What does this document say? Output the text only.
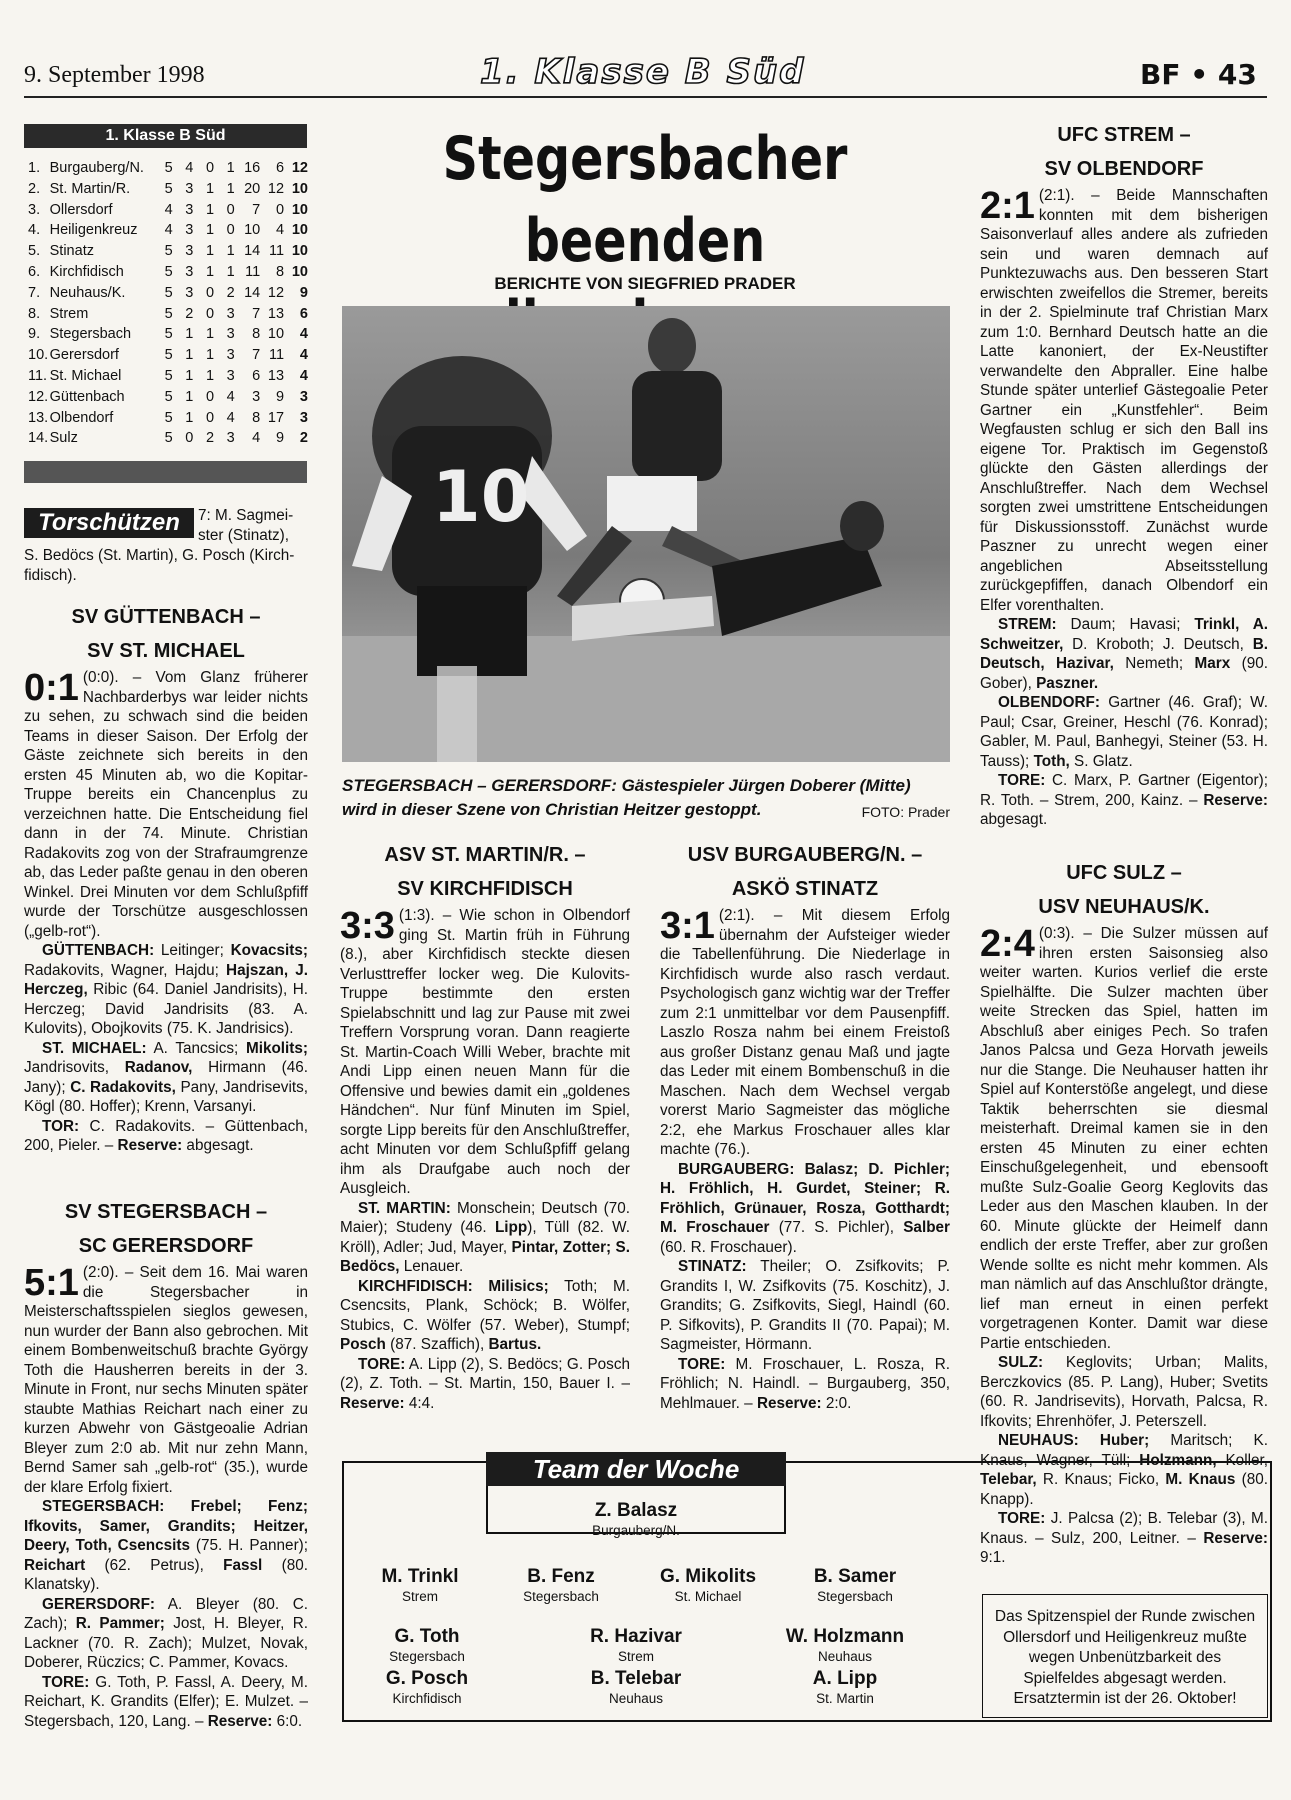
9. September 1998	1. Klasse B Süd	BF • 43
1. Klasse B Süd
1.	Burgauberg/N.	5	4	0	1	16	6	12
2.	St. Martin/R.	5	3	1	1	20	12	10
3.	Ollersdorf	4	3	1	0	7	0	10
4.	Heiligenkreuz	4	3	1	0	10	4	10
5.	Stinatz	5	3	1	1	14	11	10
6.	Kirchfidisch	5	3	1	1	11	8	10
7.	Neuhaus/K.	5	3	0	2	14	12	9
8.	Strem	5	2	0	3	7	13	6
9.	Stegersbach	5	1	1	3	8	10	4
10.	Gerersdorf	5	1	1	3	7	11	4
11.	St. Michael	5	1	1	3	6	13	4
12.	Güttenbach	5	1	0	4	3	9	3
13.	Olbendorf	5	1	0	4	8	17	3
14.	Sulz	5	0	2	3	4	9	2
Torschützen	7: M. Sagmei-
ster (Stinatz),
S. Bedöcs (St. Martin), G. Posch (Kirch-
fidisch).
SV GÜTTENBACH –
SV ST. MICHAEL

0:1 (0:0). – Vom Glanz früherer Nachbarderbys war leider nichts zu sehen, zu schwach sind die beiden Teams in dieser Saison. Der Erfolg der Gäste zeichnete sich bereits in den ersten 45 Minuten ab, wo die Kopitar-Truppe bereits ein Chancenplus zu verzeichnen hatte. Die Entscheidung fiel dann in der 74. Minute. Christian Radakovits zog von der Strafraumgrenze ab, das Leder paßte genau in den oberen Winkel. Drei Minuten vor dem Schlußpfiff wurde der Torschütze ausgeschlossen („gelb-rot“).

GÜTTENBACH: Leitinger; Kovacsits; Radakovits, Wagner, Hajdu; Hajszan, J. Herczeg, Ribic (64. Daniel Jandrisits), H. Herczeg; David Jandrisits (83. A. Kulovits), Obojkovits (75. K. Jandrisics).

ST. MICHAEL: A. Tancsics; Mikolits; Jandrisovits, Radanov, Hirmann (46. Jany); C. Radakovits, Pany, Jandrisevits, Kögl (80. Hoffer); Krenn, Varsanyi.

TOR: C. Radakovits. – Güttenbach, 200, Pieler. – Reserve: abgesagt.

SV STEGERSBACH –
SC GERERSDORF

5:1 (2:0). – Seit dem 16. Mai waren die Stegersbacher in Meisterschaftsspielen sieglos gewesen, nun wurder der Bann also gebrochen. Mit einem Bombenweitschuß brachte György Toth die Hausherren bereits in der 3. Minute in Front, nur sechs Minuten später staubte Mathias Reichart nach einer zu kurzen Abwehr von Gästgeoalie Adrian Bleyer zum 2:0 ab. Mit nur zehn Mann, Bernd Samer sah „gelb-rot“ (35.), wurde der klare Erfolg fixiert.

STEGERSBACH: Frebel; Fenz; Ifkovits, Samer, Grandits; Heitzer, Deery, Toth, Csencsits (75. H. Panner); Reichart (62. Petrus), Fassl (80. Klanatsky).

GERERSDORF: A. Bleyer (80. C. Zach); R. Pammer; Jost, H. Bleyer, R. Lackner (70. R. Zach); Mulzet, Novak, Doberer, Rüczics; C. Pammer, Kovacs.

TORE: G. Toth, P. Fassl, A. Deery, M. Reichart, K. Grandits (Elfer); E. Mulzet. – Stegersbach, 120, Lang. – Reserve: 6:0.

Stegersbacher beenden
BERICHTE VON SIEGFRIED PRADER
10
STEGERSBACH – GERERSDORF: Gästespieler Jürgen Doberer (Mitte) wird in dieser Szene von Christian Heitzer gestoppt.	FOTO: Prader
ASV ST. MARTIN/R. –
SV KIRCHFIDISCH

3:3 (1:3). – Wie schon in Olbendorf ging St. Martin früh in Führung (8.), aber Kirchfidisch steckte diesen Verlusttreffer locker weg. Die Kulovits-Truppe bestimmte den ersten Spielabschnitt und lag zur Pause mit zwei Treffern Vorsprung voran. Dann reagierte St. Martin-Coach Willi Weber, brachte mit Andi Lipp einen neuen Mann für die Offensive und bewies damit ein „goldenes Händchen“. Nur fünf Minuten im Spiel, sorgte Lipp bereits für den Anschlußtreffer, acht Minuten vor dem Schlußpfiff gelang ihm als Draufgabe auch noch der Ausgleich.

ST. MARTIN: Monschein; Deutsch (70. Maier); Studeny (46. Lipp), Tüll (82. W. Kröll), Adler; Jud, Mayer, Pintar, Zotter; S. Bedöcs, Lenauer.

KIRCHFIDISCH: Milisics; Toth; M. Csencsits, Plank, Schöck; B. Wölfer, Stubics, C. Wölfer (57. Weber), Stumpf; Posch (87. Szaffich), Bartus.

TORE: A. Lipp (2), S. Bedöcs; G. Posch (2), Z. Toth. – St. Martin, 150, Bauer I. – Reserve: 4:4.

USV BURGAUBERG/N. –
ASKÖ STINATZ

3:1 (2:1). – Mit diesem Erfolg übernahm der Aufsteiger wieder die Tabellenführung. Die Niederlage in Kirchfidisch wurde also rasch verdaut. Psychologisch ganz wichtig war der Treffer zum 2:1 unmittelbar vor dem Pausenpfiff. Laszlo Rosza nahm bei einem Freistoß aus großer Distanz genau Maß und jagte das Leder mit einem Bombenschuß in die Maschen. Nach dem Wechsel vergab vorerst Mario Sagmeister das mögliche 2:2, ehe Markus Froschauer alles klar machte (76.).

BURGAUBERG: Balasz; D. Pichler; H. Fröhlich, H. Gurdet, Steiner; R. Fröhlich, Grünauer, Rosza, Gotthardt; M. Froschauer (77. S. Pichler), Salber (60. R. Froschauer).

STINATZ: Theiler; O. Zsifkovits; P. Grandits I, W. Zsifkovits (75. Koschitz), J. Grandits; G. Zsifkovits, Siegl, Haindl (60. P. Sifkovits), P. Grandits II (70. Papai); M. Sagmeister, Hörmann.

TORE: M. Froschauer, L. Rosza, R. Fröhlich; N. Haindl. – Burgauberg, 350, Mehlmauer. – Reserve: 2:0.

UFC STREM –
SV OLBENDORF

2:1 (2:1). – Beide Mannschaften konnten mit dem bisherigen Saisonverlauf alles andere als zufrieden sein und waren demnach auf Punktezuwachs aus. Den besseren Start erwischten zweifellos die Stremer, bereits in der 2. Spielminute traf Christian Marx zum 1:0. Bernhard Deutsch hatte an die Latte kanoniert, der Ex-Neustifter verwandelte den Abpraller. Eine halbe Stunde später unterlief Gästegoalie Peter Gartner ein „Kunstfehler“. Beim Wegfausten schlug er sich den Ball ins eigene Tor. Praktisch im Gegenstoß glückte den Gästen allerdings der Anschlußtreffer. Nach dem Wechsel sorgten zwei umstrittene Entscheidungen für Diskussionsstoff. Zunächst wurde Paszner zu unrecht wegen einer angeblichen Abseitsstellung zurückgepfiffen, danach Olbendorf ein Elfer vorenthalten.

STREM: Daum; Havasi; Trinkl, A. Schweitzer, D. Kroboth; J. Deutsch, B. Deutsch, Hazivar, Nemeth; Marx (90. Gober), Paszner.

OLBENDORF: Gartner (46. Graf); W. Paul; Csar, Greiner, Heschl (76. Konrad); Gabler, M. Paul, Banhegyi, Steiner (53. H. Tauss); Toth, S. Glatz.

TORE: C. Marx, P. Gartner (Eigentor); R. Toth. – Strem, 200, Kainz. – Reserve: abgesagt.

UFC SULZ –
USV NEUHAUS/K.

2:4 (0:3). – Die Sulzer müssen auf ihren ersten Saisonsieg also weiter warten. Kurios verlief die erste Spielhälfte. Die Sulzer machten über weite Strecken das Spiel, hatten im Abschluß aber einiges Pech. So trafen Janos Palcsa und Geza Horvath jeweils nur die Stange. Die Neuhauser hatten ihr Spiel auf Konterstöße angelegt, und diese Taktik beherrschten sie diesmal meisterhaft. Dreimal kamen sie in den ersten 45 Minuten zu einer echten Einschußgelegenheit, und ebensooft mußte Sulz-Goalie Georg Keglovits das Leder aus den Maschen klauben. In der 60. Minute glückte der Heimelf dann endlich der erste Treffer, aber zur großen Wende sollte es nicht mehr kommen. Als man nämlich auf das Anschlußtor drängte, lief man erneut in einen perfekt vorgetragenen Konter. Damit war diese Partie entschieden.

SULZ: Keglovits; Urban; Malits, Berczkovics (85. P. Lang), Huber; Svetits (60. R. Jandrisevits), Horvath, Palcsa, R. Ifkovits; Ehrenhöfer, J. Peterszell.

NEUHAUS: Huber; Maritsch; K. Knaus, Wagner, Tüll; Holzmann, Koller, Telebar, R. Knaus; Ficko, M. Knaus (80. Knapp).

TORE: J. Palcsa (2); B. Telebar (3), M. Knaus. – Sulz, 200, Leitner. – Reserve: 9:1.

Team der Woche
Z. Balasz
Burgauberg/N.
M. Trinkl
Strem
B. Fenz
Stegersbach
G. Mikolits
St. Michael
B. Samer
Stegersbach
G. Toth
Stegersbach
R. Hazivar
Strem
W. Holzmann
Neuhaus
G. Posch
Kirchfidisch
B. Telebar
Neuhaus
A. Lipp
St. Martin
Das Spitzenspiel der Runde zwischen Ollersdorf und Heiligenkreuz mußte wegen Unbenützbarkeit des Spielfeldes abgesagt werden. Ersatztermin ist der 26. Oktober!
